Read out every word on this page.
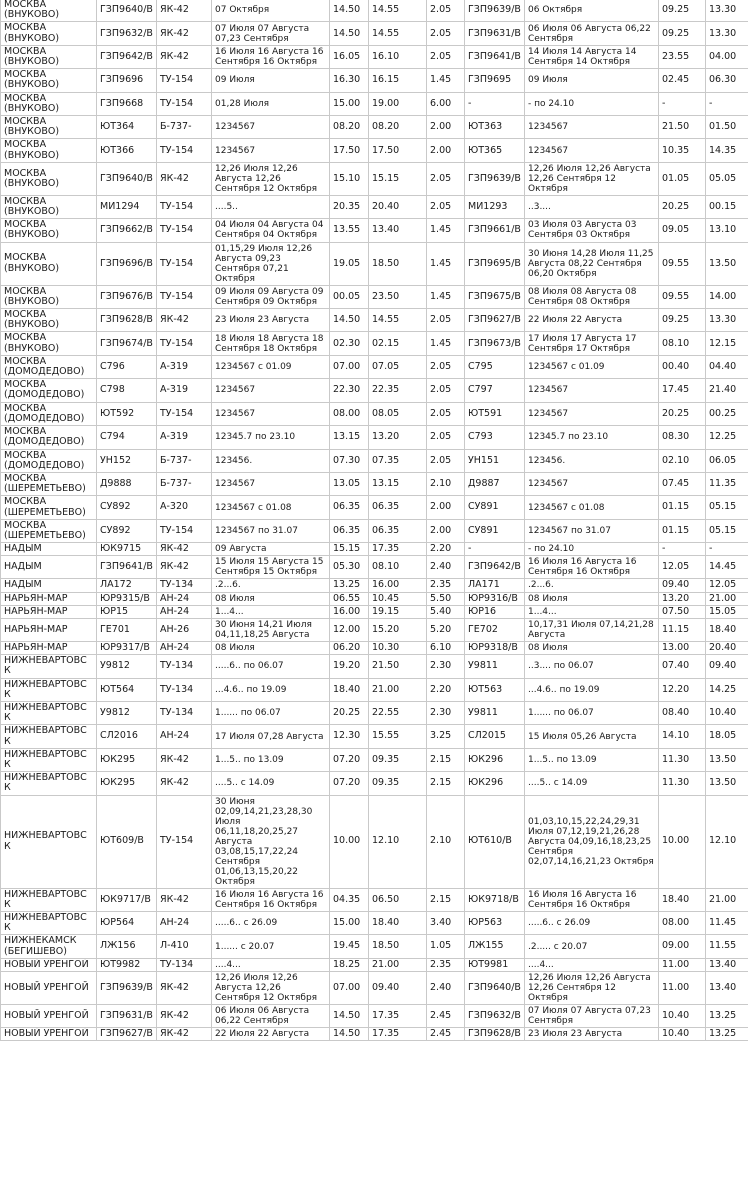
МОСКВА (ВНУКОВО)	ГЗП9640/В	ЯК-42	07 Октября	14.50	14.55	2.05	ГЗП9639/В	06 Октября	09.25	13.30
МОСКВА (ВНУКОВО)	ГЗП9632/В	ЯК-42	07 Июля 07 Августа 07,23 Сентября	14.50	14.55	2.05	ГЗП9631/В	06 Июля 06 Августа 06,22 Сентября	09.25	13.30
МОСКВА (ВНУКОВО)	ГЗП9642/В	ЯК-42	16 Июля 16 Августа 16 Сентября 16 Октября	16.05	16.10	2.05	ГЗП9641/В	14 Июля 14 Августа 14 Сентября 14 Октября	23.55	04.00
МОСКВА (ВНУКОВО)	ГЗП9696	ТУ-154	09 Июля	16.30	16.15	1.45	ГЗП9695	09 Июля	02.45	06.30
МОСКВА (ВНУКОВО)	ГЗП9668	ТУ-154	01,28 Июля	15.00	19.00	6.00	-	- по 24.10	-	-
МОСКВА (ВНУКОВО)	ЮТ364	Б-737-	1234567	08.20	08.20	2.00	ЮТ363	1234567	21.50	01.50
МОСКВА (ВНУКОВО)	ЮТ366	ТУ-154	1234567	17.50	17.50	2.00	ЮТ365	1234567	10.35	14.35
МОСКВА (ВНУКОВО)	ГЗП9640/В	ЯК-42	12,26 Июля 12,26 Августа 12,26 Сентября 12 Октября	15.10	15.15	2.05	ГЗП9639/В	12,26 Июля 12,26 Августа 12,26 Сентября 12 Октября	01.05	05.05
МОСКВА (ВНУКОВО)	МИ1294	ТУ-154	....5..	20.35	20.40	2.05	МИ1293	..3....	20.25	00.15
МОСКВА (ВНУКОВО)	ГЗП9662/В	ТУ-154	04 Июля 04 Августа 04 Сентября 04 Октября	13.55	13.40	1.45	ГЗП9661/В	03 Июля 03 Августа 03 Сентября 03 Октября	09.05	13.10
МОСКВА (ВНУКОВО)	ГЗП9696/В	ТУ-154	01,15,29 Июля 12,26 Августа 09,23 Сентября 07,21 Октября	19.05	18.50	1.45	ГЗП9695/В	30 Июня 14,28 Июля 11,25 Августа 08,22 Сентября 06,20 Октября	09.55	13.50
МОСКВА (ВНУКОВО)	ГЗП9676/В	ТУ-154	09 Июля 09 Августа 09 Сентября 09 Октября	00.05	23.50	1.45	ГЗП9675/В	08 Июля 08 Августа 08 Сентября 08 Октября	09.55	14.00
МОСКВА (ВНУКОВО)	ГЗП9628/В	ЯК-42	23 Июля 23 Августа	14.50	14.55	2.05	ГЗП9627/В	22 Июля 22 Августа	09.25	13.30
МОСКВА (ВНУКОВО)	ГЗП9674/В	ТУ-154	18 Июля 18 Августа 18 Сентября 18 Октября	02.30	02.15	1.45	ГЗП9673/В	17 Июля 17 Августа 17 Сентября 17 Октября	08.10	12.15
МОСКВА (ДОМОДЕДОВО)	С796	А-319	1234567 с 01.09	07.00	07.05	2.05	С795	1234567 с 01.09	00.40	04.40
МОСКВА (ДОМОДЕДОВО)	С798	А-319	1234567	22.30	22.35	2.05	С797	1234567	17.45	21.40
МОСКВА (ДОМОДЕДОВО)	ЮТ592	ТУ-154	1234567	08.00	08.05	2.05	ЮТ591	1234567	20.25	00.25
МОСКВА (ДОМОДЕДОВО)	С794	А-319	12345.7 по 23.10	13.15	13.20	2.05	С793	12345.7 по 23.10	08.30	12.25
МОСКВА (ДОМОДЕДОВО)	УН152	Б-737-	123456.	07.30	07.35	2.05	УН151	123456.	02.10	06.05
МОСКВА (ШЕРЕМЕТЬЕВО)	Д9888	Б-737-	1234567	13.05	13.15	2.10	Д9887	1234567	07.45	11.35
МОСКВА (ШЕРЕМЕТЬЕВО)	СУ892	А-320	1234567 с 01.08	06.35	06.35	2.00	СУ891	1234567 с 01.08	01.15	05.15
МОСКВА (ШЕРЕМЕТЬЕВО)	СУ892	ТУ-154	1234567 по 31.07	06.35	06.35	2.00	СУ891	1234567 по 31.07	01.15	05.15
НАДЫМ	ЮК9715	ЯК-42	09 Августа	15.15	17.35	2.20	-	- по 24.10	-	-
НАДЫМ	ГЗП9641/В	ЯК-42	15 Июля 15 Августа 15 Сентября 15 Октября	05.30	08.10	2.40	ГЗП9642/В	16 Июля 16 Августа 16 Сентября 16 Октября	12.05	14.45
НАДЫМ	ЛА172	ТУ-134	.2...6.	13.25	16.00	2.35	ЛА171	.2...6.	09.40	12.05
НАРЬЯН-МАР	ЮР9315/В	АН-24	08 Июля	06.55	10.45	5.50	ЮР9316/В	08 Июля	13.20	21.00
НАРЬЯН-МАР	ЮР15	АН-24	1...4...	16.00	19.15	5.40	ЮР16	1...4...	07.50	15.05
НАРЬЯН-МАР	ГЕ701	АН-26	30 Июня 14,21 Июля 04,11,18,25 Августа	12.00	15.20	5.20	ГЕ702	10,17,31 Июля 07,14,21,28 Августа	11.15	18.40
НАРЬЯН-МАР	ЮР9317/В	АН-24	08 Июля	06.20	10.30	6.10	ЮР9318/В	08 Июля	13.00	20.40
НИЖНЕВАРТОВСК	У9812	ТУ-134	.....6.. по 06.07	19.20	21.50	2.30	У9811	..3.... по 06.07	07.40	09.40
НИЖНЕВАРТОВСК	ЮТ564	ТУ-134	...4.6.. по 19.09	18.40	21.00	2.20	ЮТ563	...4.6.. по 19.09	12.20	14.25
НИЖНЕВАРТОВСК	У9812	ТУ-134	1...... по 06.07	20.25	22.55	2.30	У9811	1...... по 06.07	08.40	10.40
НИЖНЕВАРТОВСК	СЛ2016	АН-24	17 Июля 07,28 Августа	12.30	15.55	3.25	СЛ2015	15 Июля 05,26 Августа	14.10	18.05
НИЖНЕВАРТОВСК	ЮК295	ЯК-42	1...5.. по 13.09	07.20	09.35	2.15	ЮК296	1...5.. по 13.09	11.30	13.50
НИЖНЕВАРТОВСК	ЮК295	ЯК-42	....5.. с 14.09	07.20	09.35	2.15	ЮК296	....5.. с 14.09	11.30	13.50
НИЖНЕВАРТОВСК	ЮТ609/В	ТУ-154	30 Июня 02,09,14,21,23,28,30 Июля 06,11,18,20,25,27 Августа 03,08,15,17,22,24 Сентября 01,06,13,15,20,22 Октября	10.00	12.10	2.10	ЮТ610/В	01,03,10,15,22,24,29,31 Июля 07,12,19,21,26,28 Августа 04,09,16,18,23,25 Сентября 02,07,14,16,21,23 Октября	10.00	12.10
НИЖНЕВАРТОВСК	ЮК9717/В	ЯК-42	16 Июля 16 Августа 16 Сентября 16 Октября	04.35	06.50	2.15	ЮК9718/В	16 Июля 16 Августа 16 Сентября 16 Октября	18.40	21.00
НИЖНЕВАРТОВСК	ЮР564	АН-24	.....6.. с 26.09	15.00	18.40	3.40	ЮР563	.....6.. с 26.09	08.00	11.45
НИЖНЕКАМСК (БЕГИШЕВО)	ЛЖ156	Л-410	1...... с 20.07	19.45	18.50	1.05	ЛЖ155	.2..... с 20.07	09.00	11.55
НОВЫЙ УРЕНГОЙ	ЮТ9982	ТУ-134	....4...	18.25	21.00	2.35	ЮТ9981	....4...	11.00	13.40
НОВЫЙ УРЕНГОЙ	ГЗП9639/В	ЯК-42	12,26 Июля 12,26 Августа 12,26 Сентября 12 Октября	07.00	09.40	2.40	ГЗП9640/В	12,26 Июля 12,26 Августа 12,26 Сентября 12 Октября	11.00	13.40
НОВЫЙ УРЕНГОЙ	ГЗП9631/В	ЯК-42	06 Июля 06 Августа 06,22 Сентября	14.50	17.35	2.45	ГЗП9632/В	07 Июля 07 Августа 07,23 Сентября	10.40	13.25
НОВЫЙ УРЕНГОЙ	ГЗП9627/В	ЯК-42	22 Июля 22 Августа	14.50	17.35	2.45	ГЗП9628/В	23 Июля 23 Августа	10.40	13.25
